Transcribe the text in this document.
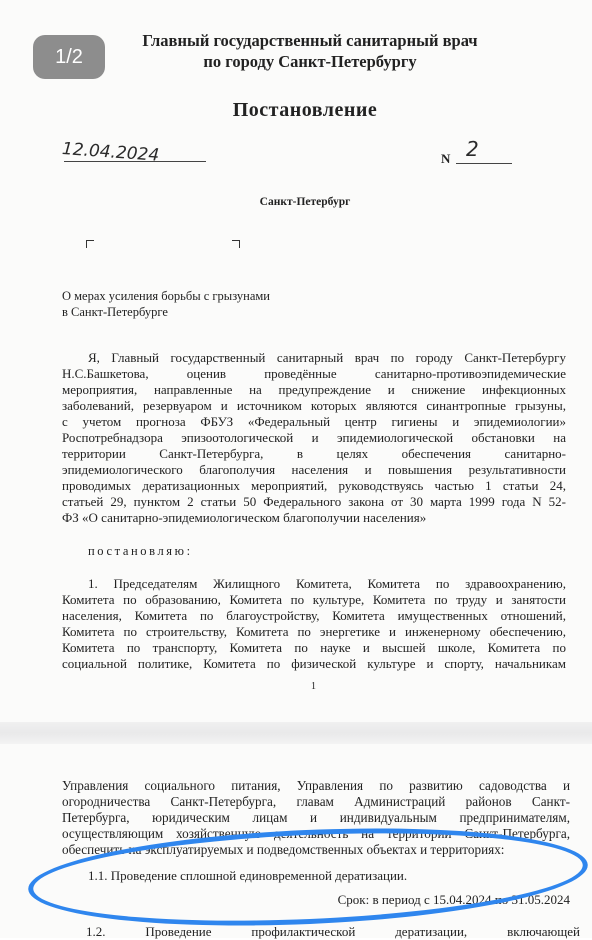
1/2
Главный государственный санитарный врач
по городу Санкт-Петербургу
Постановление
12.04.2024	N 2
Санкт-Петербург
О мерах усиления борьбы с грызунами
в Санкт-Петербурге
Я, Главный государственный санитарный врач по городу Санкт-Петербургу
Н.С.Башкетова, оценив проведённые санитарно-противоэпидемические
мероприятия, направленные на предупреждение и снижение инфекционных
заболеваний, резервуаром и источником которых являются синантропные грызуны,
с учетом прогноза ФБУЗ «Федеральный центр гигиены и эпидемиологии»
Роспотребнадзора эпизоотологической и эпидемиологической обстановки на
территории Санкт-Петербурга, в целях обеспечения санитарно-
эпидемиологического благополучия населения и повышения результативности
проводимых дератизационных мероприятий, руководствуясь частью 1 статьи 24,
статьей 29, пунктом 2 статьи 50 Федерального закона от 30 марта 1999 года N 52-
ФЗ «О санитарно-эпидемиологическом благополучии населения»
постановляю:
1. Председателям Жилищного Комитета, Комитета по здравоохранению,
Комитета по образованию, Комитета по культуре, Комитета по труду и занятости
населения, Комитета по благоустройству, Комитета имущественных отношений,
Комитета по строительству, Комитета по энергетике и инженерному обеспечению,
Комитета по транспорту, Комитета по науке и высшей школе, Комитета по
социальной политике, Комитета по физической культуре и спорту, начальникам
1
Управления социального питания, Управления по развитию садоводства и
огородничества Санкт-Петербурга, главам Администраций районов Санкт-
Петербурга, юридическим лицам и индивидуальным предпринимателям,
осуществляющим хозяйственную деятельность на территории Санкт-Петербурга,
обеспечить на эксплуатируемых и подведомственных объектах и территориях:
1.1. Проведение сплошной единовременной дератизации.
Срок: в период с 15.04.2024 по 31.05.2024
1.2. Проведение профилактической дератизации, включающей
